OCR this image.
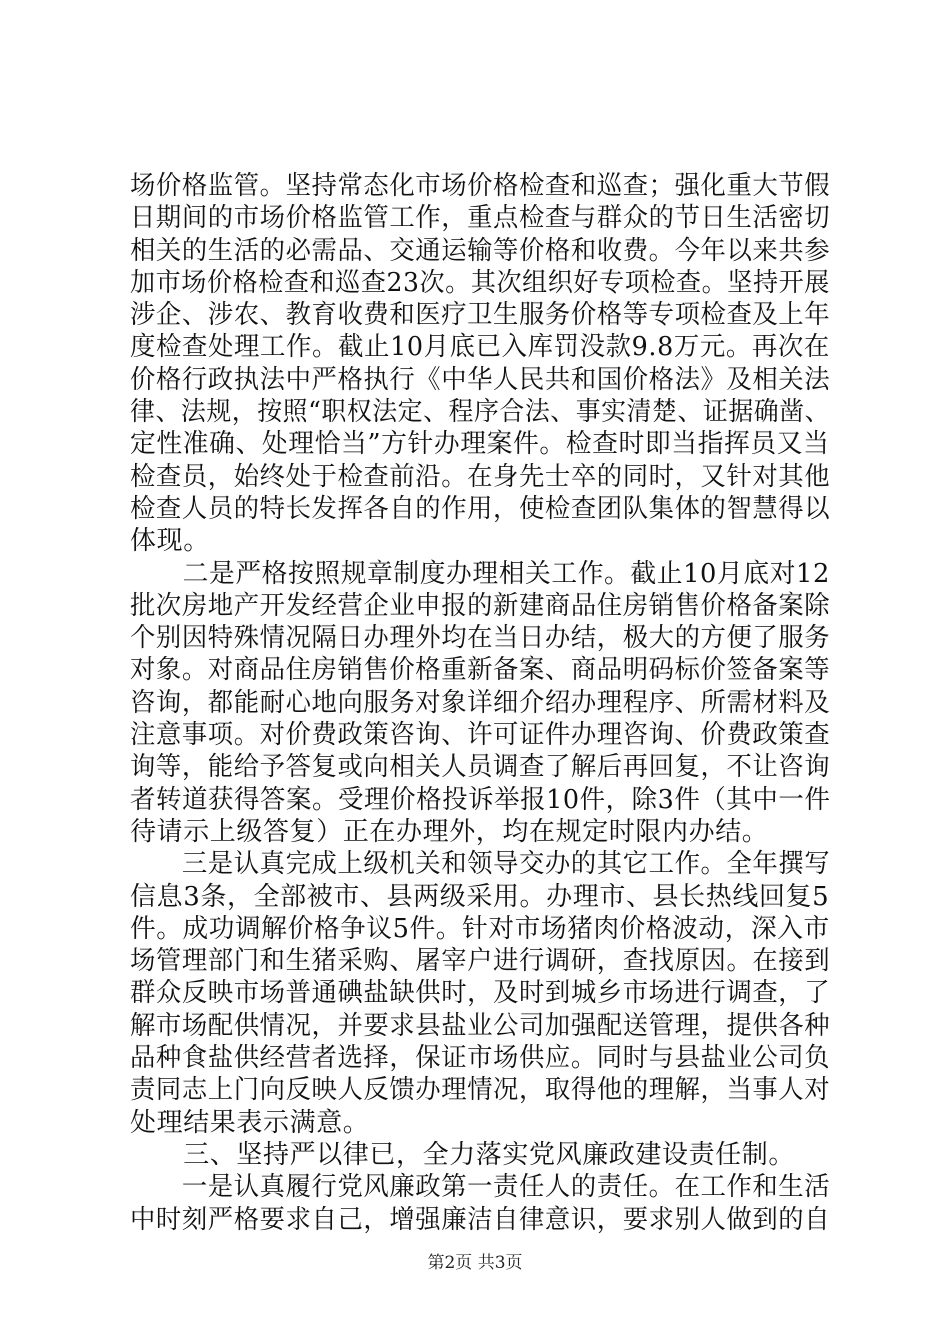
场价格监管。坚持常态化市场价格检查和巡查；强化重大节假
日期间的市场价格监管工作，重点检查与群众的节日生活密切
相关的生活的必需品、交通运输等价格和收费。今年以来共参
加市场价格检查和巡查23次。其次组织好专项检查。坚持开展
涉企、涉农、教育收费和医疗卫生服务价格等专项检查及上年
度检查处理工作。截止10月底已入库罚没款9.8万元。再次在
价格行政执法中严格执行《中华人民共和国价格法》及相关法
律、法规，按照“职权法定、程序合法、事实清楚、证据确凿、
定性准确、处理恰当”方针办理案件。检查时即当指挥员又当
检查员，始终处于检查前沿。在身先士卒的同时，又针对其他
检查人员的特长发挥各自的作用，使检查团队集体的智慧得以
体现。
　　二是严格按照规章制度办理相关工作。截止10月底对12
批次房地产开发经营企业申报的新建商品住房销售价格备案除
个别因特殊情况隔日办理外均在当日办结，极大的方便了服务
对象。对商品住房销售价格重新备案、商品明码标价签备案等
咨询，都能耐心地向服务对象详细介绍办理程序、所需材料及
注意事项。对价费政策咨询、许可证件办理咨询、价费政策查
询等，能给予答复或向相关人员调查了解后再回复，不让咨询
者转道获得答案。受理价格投诉举报10件，除3件（其中一件
待请示上级答复）正在办理外，均在规定时限内办结。
　　三是认真完成上级机关和领导交办的其它工作。全年撰写
信息3条，全部被市、县两级采用。办理市、县长热线回复5
件。成功调解价格争议5件。针对市场猪肉价格波动，深入市
场管理部门和生猪采购、屠宰户进行调研，查找原因。在接到
群众反映市场普通碘盐缺供时，及时到城乡市场进行调查，了
解市场配供情况，并要求县盐业公司加强配送管理，提供各种
品种食盐供经营者选择，保证市场供应。同时与县盐业公司负
责同志上门向反映人反馈办理情况，取得他的理解，当事人对
处理结果表示满意。
　　三、坚持严以律已，全力落实党风廉政建设责任制。
　　一是认真履行党风廉政第一责任人的责任。在工作和生活
中时刻严格要求自己，增强廉洁自律意识，要求别人做到的自
第2页 共3页
